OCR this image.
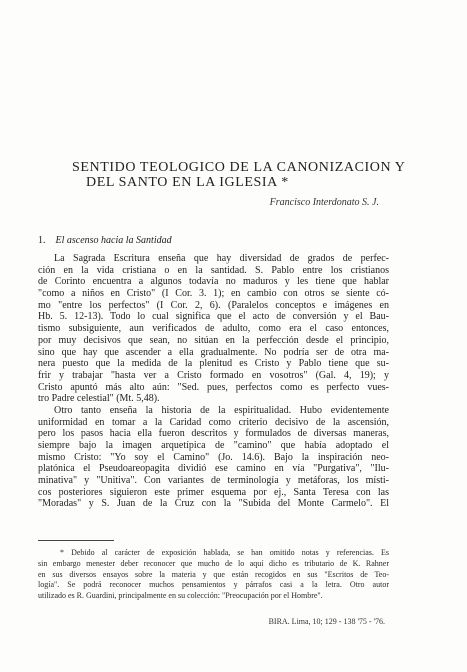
SENTIDO TEOLOGICO DE LA CANONIZACION Y
DEL SANTO EN LA IGLESIA *
Francisco Interdonato S. J.
1. El ascenso hacia la Santidad
La Sagrada Escritura enseña que hay diversidad de grados de perfec-
ción en la vida cristiana o en la santidad. S. Pablo entre los cristianos
de Corinto encuentra a algunos todavía no maduros y les tiene que hablar
"como a niños en Cristo" (I Cor. 3. 1); en cambio con otros se siente có-
mo "entre los perfectos" (I Cor. 2, 6). (Paralelos conceptos e imágenes en
Hb. 5. 12-13). Todo lo cual significa que el acto de conversión y el Bau-
tismo subsiguiente, aun verificados de adulto, como era el caso entonces,
por muy decisivos que sean, no sitúan en la perfección desde el principio,
sino que hay que ascender a ella gradualmente. No podría ser de otra ma-
nera puesto que la medida de la plenitud es Cristo y Pablo tiene que su-
frir y trabajar "hasta ver a Cristo formado en vosotros" (Gal. 4, 19); y
Cristo apuntó más alto aún: "Sed. pues, perfectos como es perfecto vues-
tro Padre celestial" (Mt. 5,48).
Otro tanto enseña la historia de la espiritualidad. Hubo evidentemente
uniformidad en tomar a la Caridad como criterio decisivo de la ascensión,
pero los pasos hacia ella fueron descritos y formulados de diversas maneras,
siempre bajo la imagen arquetípica de "camino" que había adoptado el
mismo Cristo: "Yo soy el Camino" (Jo. 14.6). Bajo la inspiración neo-
platónica el Pseudoareopagita dividió ese camino en vía "Purgativa", "Ilu-
minativa" y "Unitiva". Con variantes de terminología y metáforas, los místi-
cos posteriores siguieron este primer esquema por ej., Santa Teresa con las
"Moradas" y S. Juan de la Cruz con la "Subida del Monte Carmelo". El
* Debido al carácter de exposición hablada, se han omitido notas y referencias. Es
sin embargo menester deber reconocer que mucho de lo aquí dicho es tributario de K. Rahner
en sus diversos ensayos sobre la materia y que están recogidos en sus "Escritos de Teo-
logía". Se podrá reconocer muchos pensamientos y párrafos casi a la letra. Otro autor
utilizado es R. Guardini, principalmente en su colección: "Preocupación por el Hombre".
BIRA. Lima, 10; 129 - 138 '75 - '76.
